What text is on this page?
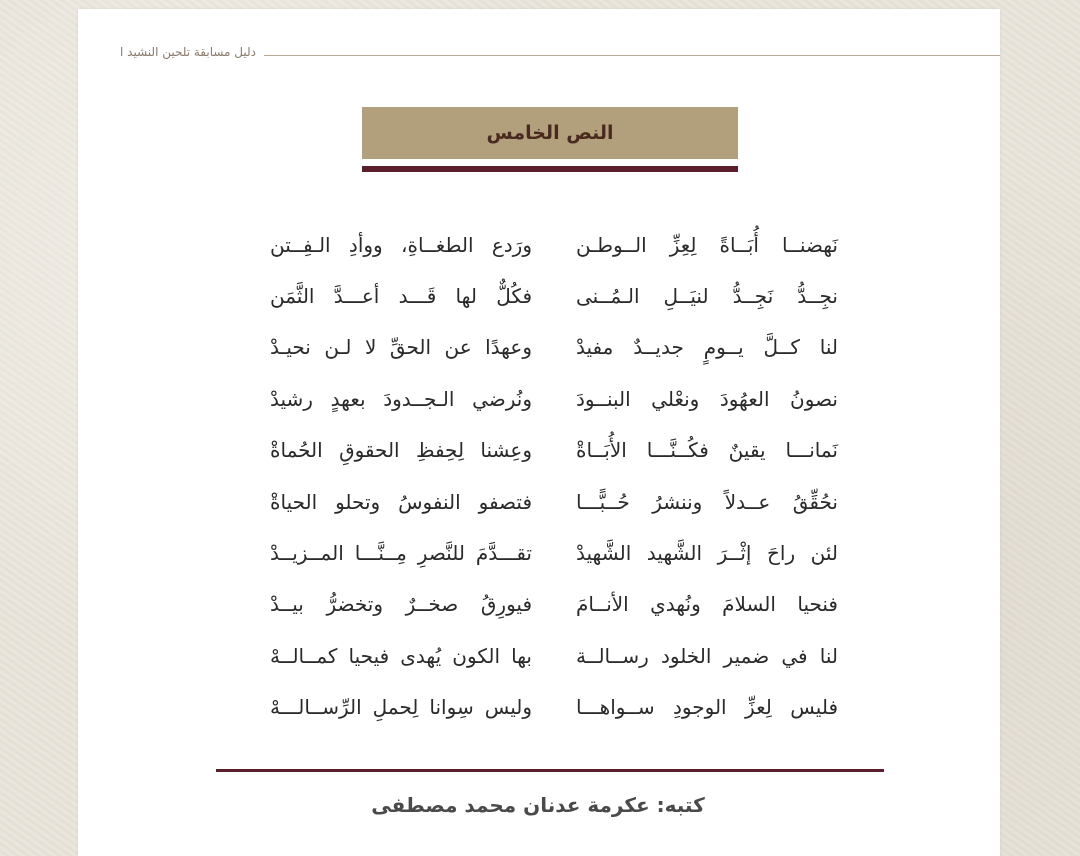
دليل مسابقة تلحين النشيد ا
النص الخامس
نَهضنــا أُبَــاةً لِعِزِّ الــوطـن
ورَدع الطغــاةِ، ووأدِ الـفِــتن
نجِــدُّ نَجِــدُّ لنيَــلِ الـمُــنى
فكُلٌّ لها قَـــد أعـــدَّ الثَّمَن
لنا كــلَّ يــومٍ جديــدٌ مفيدْ
وعهدًا عن الحقِّ لا لـن نحيـدْ
نصونُ العهُودَ ونعْلي البنــودَ
ونُرضي الـجــدودَ بعهدٍ رشيدْ
نَمانـــا يقينٌ فكُــنَّـــا الأُبَــاةْ
وعِشنا لِحِفظِ الحقوقِ الحُماةْ
نحُقِّقُ عــدلاً وننشرُ حُــبًّـــا
فتصفو النفوسُ وتحلو الحياةْ
لئن راحَ إثْــرَ الشَّهيد الشَّهيدْ
تقـــدَّمَ للنَّصرِ مِــنَّـــا المــزيــدْ
فنحيا السلامَ ونُهدي الأنــامَ
فيورِقُ صخــرٌ وتخضرُّ بيــدْ
لنا في ضمير الخلود رســالــة
بها الكون يُهدى فيحيا كمــالــهْ
فليس لِعزِّ الوجودِ ســواهـــا
وليس سِوانا لِحملِ الرِّســالـــهْ
كتبه: عكرمة عدنان محمد مصطفى
